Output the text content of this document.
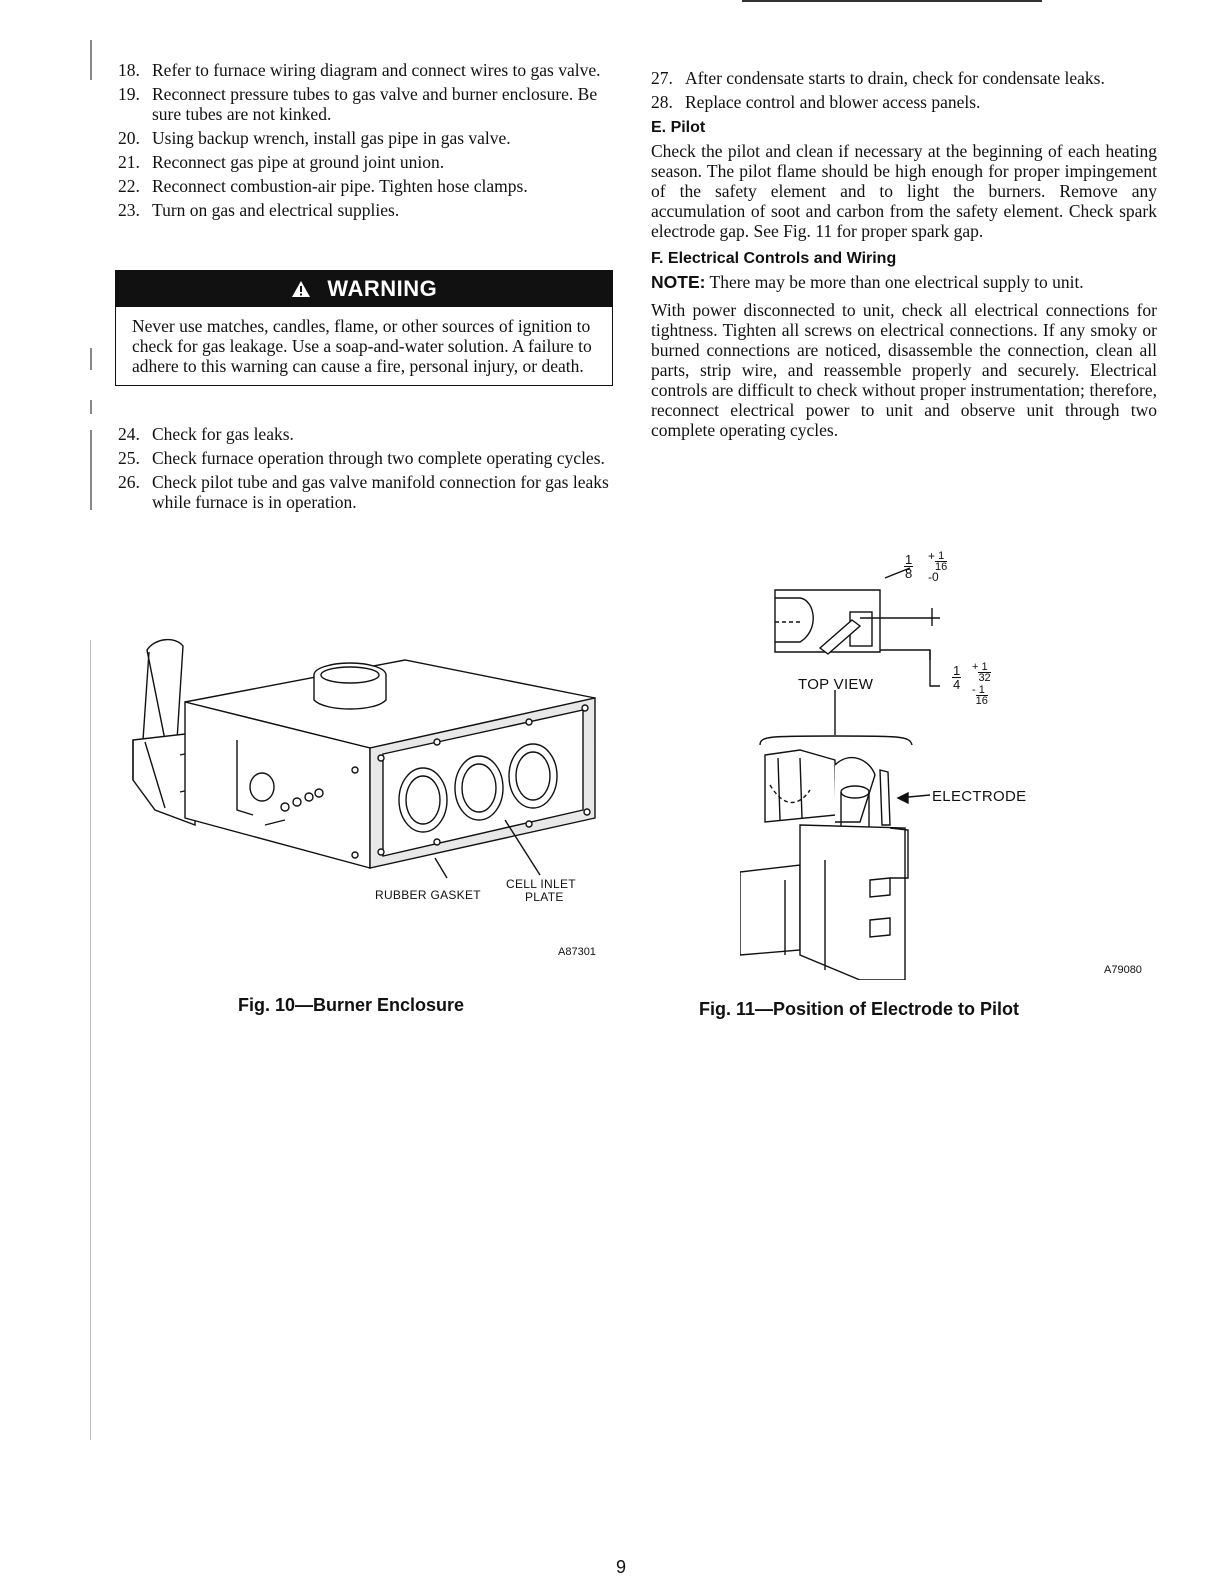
18. Refer to furnace wiring diagram and connect wires to gas valve.
19. Reconnect pressure tubes to gas valve and burner enclosure. Be sure tubes are not kinked.
20. Using backup wrench, install gas pipe in gas valve.
21. Reconnect gas pipe at ground joint union.
22. Reconnect combustion-air pipe. Tighten hose clamps.
23. Turn on gas and electrical supplies.
WARNING
Never use matches, candles, flame, or other sources of ignition to check for gas leakage. Use a soap-and-water solution. A failure to adhere to this warning can cause a fire, personal injury, or death.
24. Check for gas leaks.
25. Check furnace operation through two complete operating cycles.
26. Check pilot tube and gas valve manifold connection for gas leaks while furnace is in operation.
27. After condensate starts to drain, check for condensate leaks.
28. Replace control and blower access panels.
E. Pilot

Check the pilot and clean if necessary at the beginning of each heating season. The pilot flame should be high enough for proper impingement of the safety element and to light the burners. Remove any accumulation of soot and carbon from the safety element. Check spark electrode gap. See Fig. 11 for proper spark gap.

F. Electrical Controls and Wiring

NOTE: There may be more than one electrical supply to unit.

With power disconnected to unit, check all electrical connections for tightness. Tighten all screws on electrical connections. If any smoky or burned connections are noticed, disassemble the connection, clean all parts, strip wire, and reassemble properly and securely. Electrical controls are difficult to check without proper instrumentation; therefore, reconnect electrical power to unit and observe unit through two complete operating cycles.

RUBBER GASKET
CELL INLET
PLATE
A87301
Fig. 10—Burner Enclosure
TOP VIEW
ELECTRODE
1
8
+ $\frac{1}{16}$
-0
1
4
+ $\frac{1}{32}$
- $\frac{1}{16}$
A79080
Fig. 11—Position of Electrode to Pilot
9
